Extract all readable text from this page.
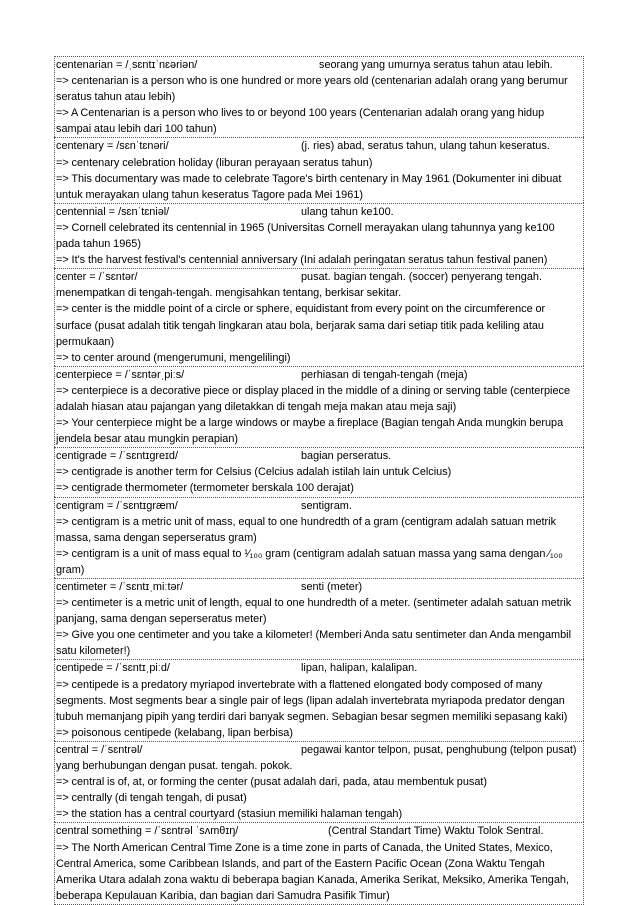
centenarian = /ˌsɛntɪˈnɛəriən/	seorang yang umurnya seratus tahun atau lebih.
=> centenarian is a person who is one hundred or more years old (centenarian adalah orang yang berumur seratus tahun atau lebih)
=> A Centenarian is a person who lives to or beyond 100 years (Centenarian adalah orang yang hidup sampai atau lebih dari 100 tahun)
centenary = /sɛnˈtɛnəri/	(j. ries) abad, seratus tahun, ulang tahun keseratus.
=> centenary celebration holiday (liburan perayaan seratus tahun)
=> This documentary was made to celebrate Tagore's birth centenary in May 1961 (Dokumenter ini dibuat untuk merayakan ulang tahun keseratus Tagore pada Mei 1961)
centennial = /sɛnˈtɛniəl/	ulang tahun ke100.
=> Cornell celebrated its centennial in 1965 (Universitas Cornell merayakan ulang tahunnya yang ke100 pada tahun 1965)
=> It's the harvest festival's centennial anniversary (Ini adalah peringatan seratus tahun festival panen)
center = /ˈsɛntər/	pusat. bagian tengah. (soccer) penyerang tengah.
menempatkan di tengah-tengah. mengisahkan tentang, berkisar sekitar.
=> center is the middle point of a circle or sphere, equidistant from every point on the circumference or surface (pusat adalah titik tengah lingkaran atau bola, berjarak sama dari setiap titik pada keliling atau permukaan)
=> to center around (mengerumuni, mengelilingi)
centerpiece = /ˈsɛntərˌpiːs/	perhiasan di tengah-tengah (meja)
=> centerpiece is a decorative piece or display placed in the middle of a dining or serving table (centerpiece adalah hiasan atau pajangan yang diletakkan di tengah meja makan atau meja saji)
=> Your centerpiece might be a large windows or maybe a fireplace (Bagian tengah Anda mungkin berupa jendela besar atau mungkin perapian)
centigrade = /ˈsɛntɪgreɪd/	bagian perseratus.
=> centigrade is another term for Celsius (Celcius adalah istilah lain untuk Celcius)
=> centigrade thermometer (termometer berskala 100 derajat)
centigram = /ˈsɛntɪgræm/	sentigram.
=> centigram is a metric unit of mass, equal to one hundredth of a gram (centigram adalah satuan metrik massa, sama dengan seperseratus gram)
=> centigram is a unit of mass equal to ¹⁄₁₀₀ gram (centigram adalah satuan massa yang sama dengan ⁄₁₀₀ gram)
centimeter = /ˈsɛntɪˌmiːtər/	senti (meter)
=> centimeter is a metric unit of length, equal to one hundredth of a meter. (sentimeter adalah satuan metrik panjang, sama dengan seperseratus meter)
=> Give you one centimeter and you take a kilometer! (Memberi Anda satu sentimeter dan Anda mengambil satu kilometer!)
centipede = /ˈsɛntɪˌpiːd/	lipan, halipan, kalalipan.
=> centipede is a predatory myriapod invertebrate with a flattened elongated body composed of many segments. Most segments bear a single pair of legs (lipan adalah invertebrata myriapoda predator dengan tubuh memanjang pipih yang terdiri dari banyak segmen. Sebagian besar segmen memiliki sepasang kaki)
=> poisonous centipede (kelabang, lipan berbisa)
central = /ˈsɛntrəl/	pegawai kantor telpon, pusat, penghubung (telpon pusat)
yang berhubungan dengan pusat. tengah. pokok.
=> central is of, at, or forming the center (pusat adalah dari, pada, atau membentuk pusat)
=> centrally (di tengah tengah, di pusat)
=> the station has a central courtyard (stasiun memiliki halaman tengah)
central something = /ˈsɛntrəl ˈsʌmθɪŋ/	(Central Standart Time) Waktu Tolok Sentral.
=> The North American Central Time Zone is a time zone in parts of Canada, the United States, Mexico, Central America, some Caribbean Islands, and part of the Eastern Pacific Ocean (Zona Waktu Tengah Amerika Utara adalah zona waktu di beberapa bagian Kanada, Amerika Serikat, Meksiko, Amerika Tengah, beberapa Kepulauan Karibia, dan bagian dari Samudra Pasifik Timur)
